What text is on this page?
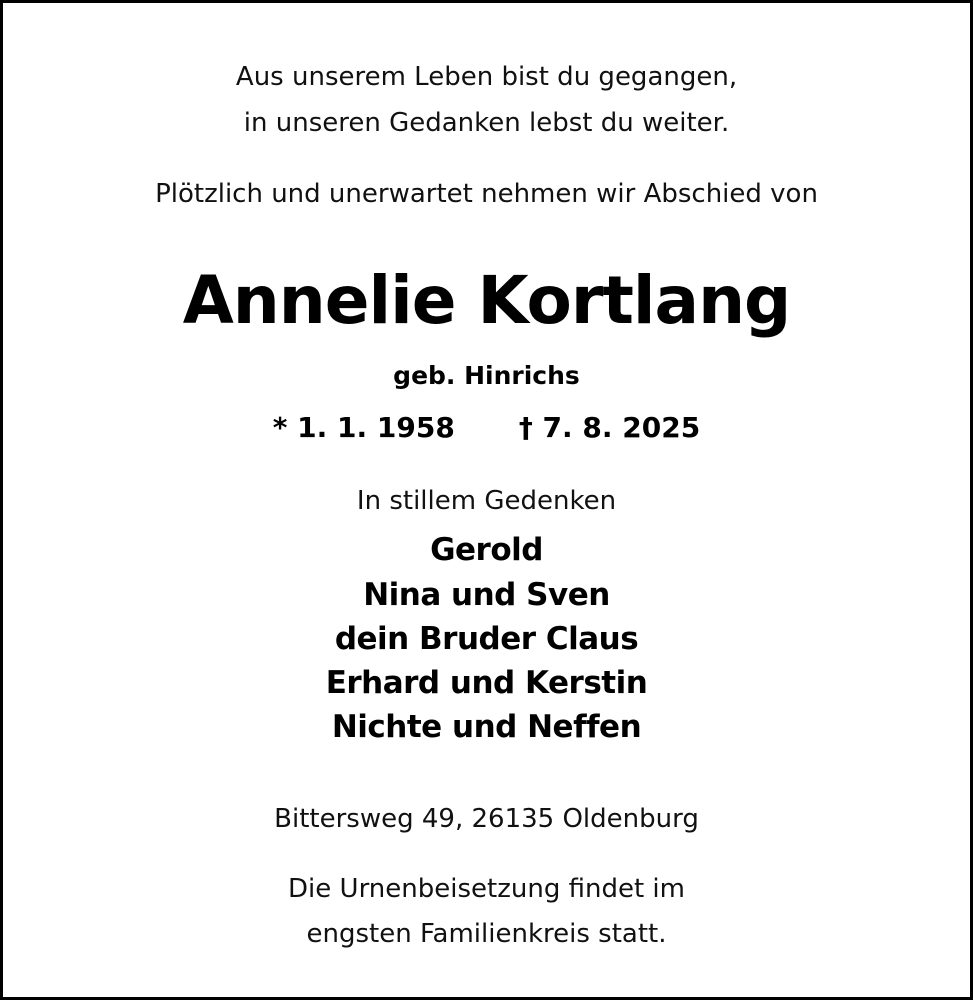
Aus unserem Leben bist du gegangen,
in unseren Gedanken lebst du weiter.
Plötzlich und unerwartet nehmen wir Abschied von
Annelie Kortlang
geb. Hinrichs
* 1. 1. 1958 † 7. 8. 2025
In stillem Gedenken
Gerold
Nina und Sven
dein Bruder Claus
Erhard und Kerstin
Nichte und Neffen
Bittersweg 49, 26135 Oldenburg
Die Urnenbeisetzung findet im
engsten Familienkreis statt.
